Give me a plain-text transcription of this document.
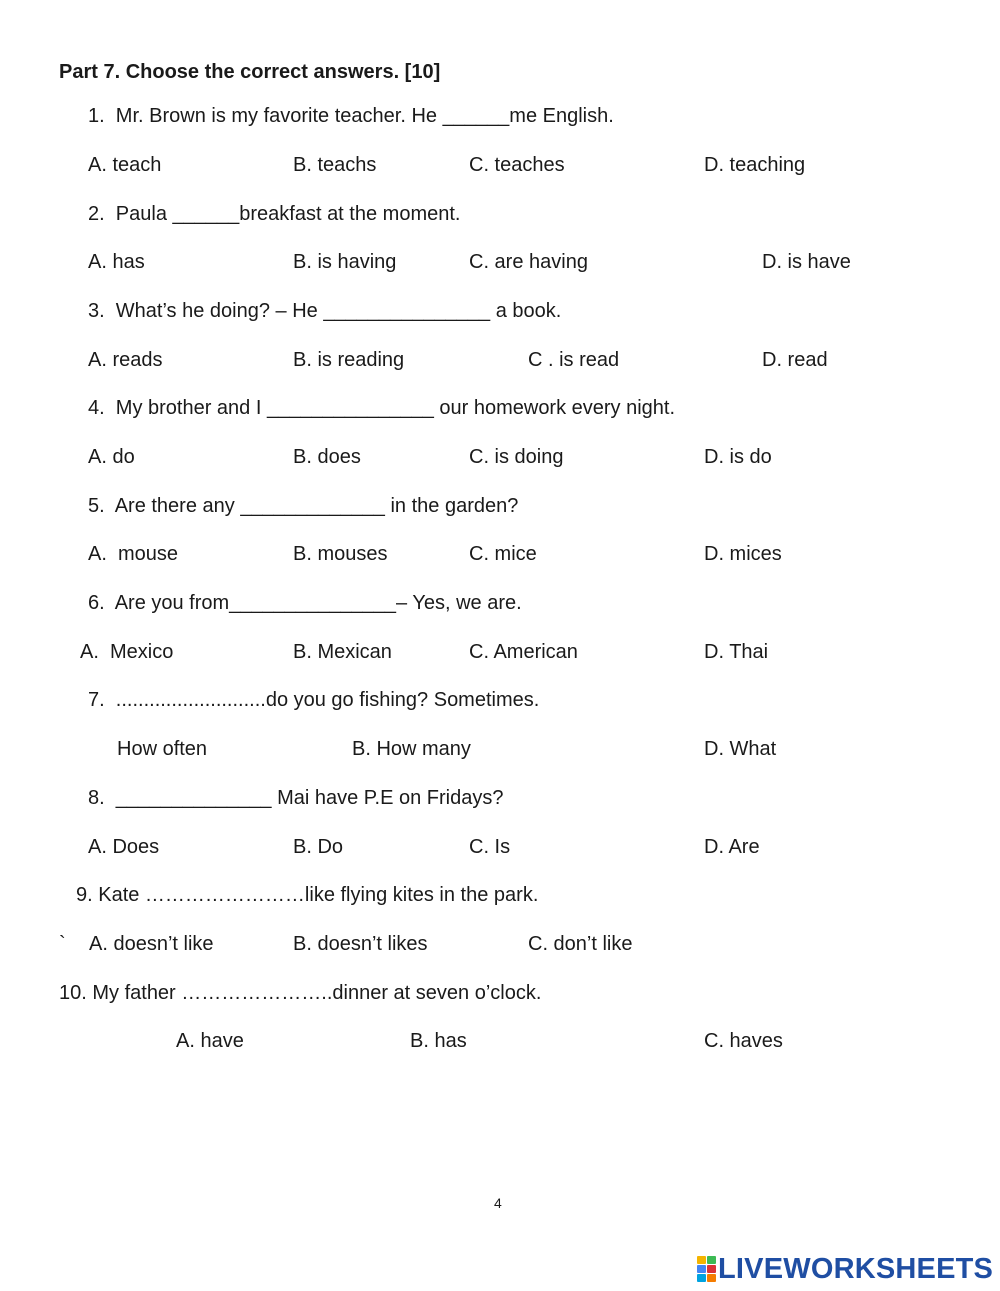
Part 7. Choose the correct answers. [10]
1.  Mr. Brown is my favorite teacher. He ______me English.
A. teach	B. teachs	C. teaches	D. teaching
2.  Paula ______breakfast at the moment.
A. has	B. is having	C. are having	D. is have
3.  What’s he doing? – He _______________ a book.
A. reads	B. is reading	C . is read	D. read
4.  My brother and I _______________ our homework every night.
A. do	B. does	C. is doing	D. is do
5.  Are there any _____________ in the garden?
A.  mouse	B. mouses	C. mice	D. mices
6.  Are you from_______________– Yes, we are.
A.  Mexico	B. Mexican	C. American	D. Thai
7.  ...........................do you go fishing? Sometimes.
How often	B. How many	D. What
8.  ______________ Mai have P.E on Fridays?
A. Does	B. Do	C. Is	D. Are
9. Kate ……………………like flying kites in the park.
` A. doesn’t like	B. doesn’t likes	C. don’t like
10. My father …………………..dinner at seven o’clock.
A. have	B. has	C. haves
4
LIVEWORKSHEETS
